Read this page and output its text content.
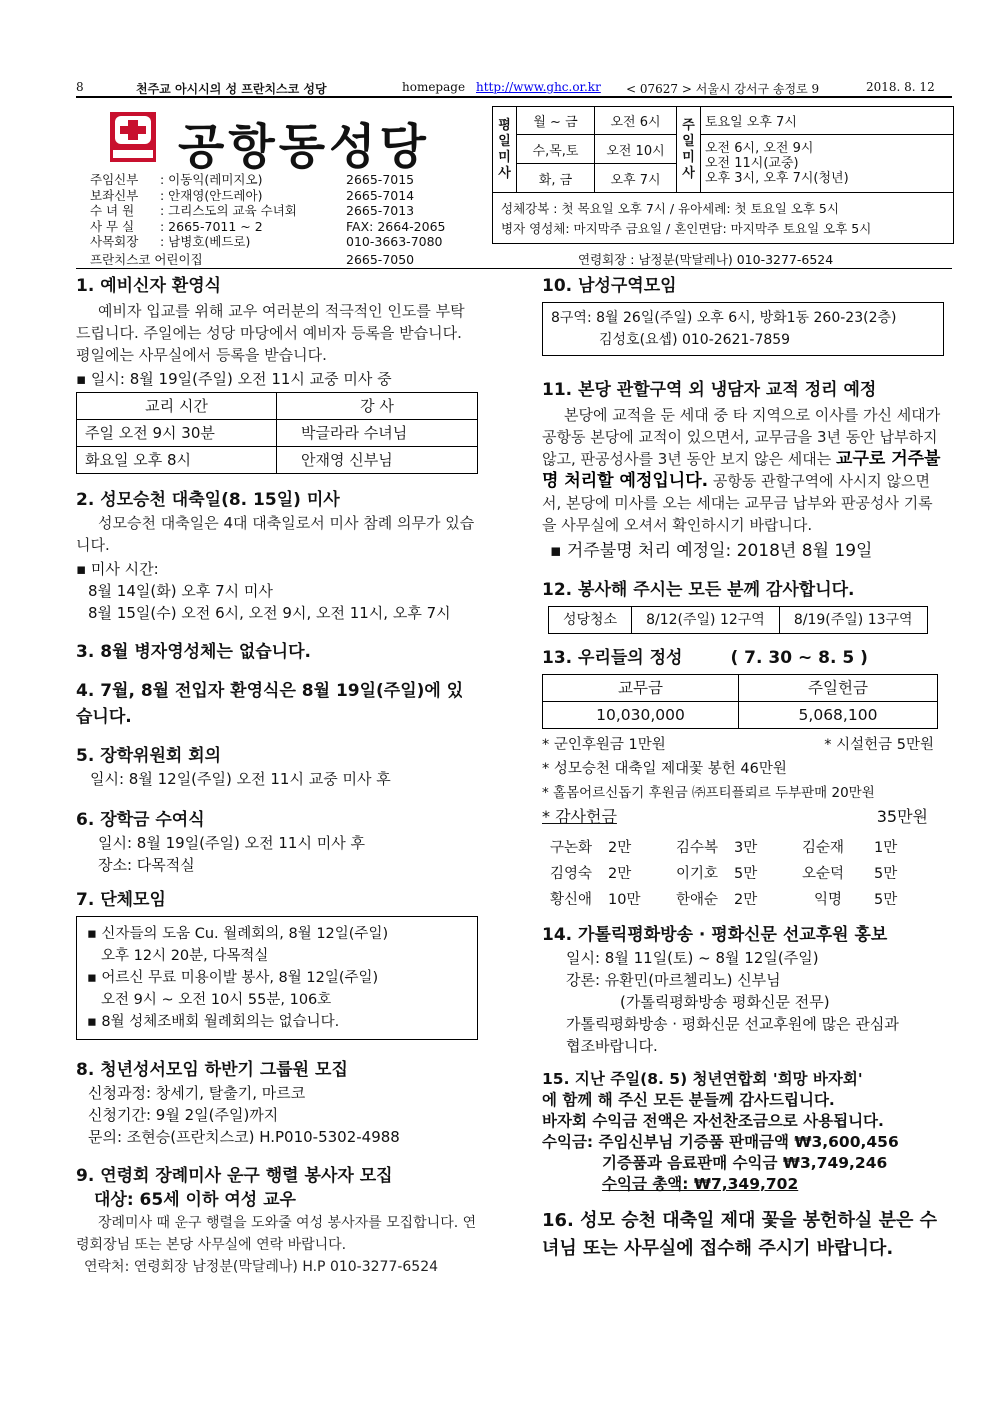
8	천주교 아시시의 성 프란치스코 성당	homepage http://www.ghc.or.kr < 07627 > 서울시 강서구 송정로 9	2018. 8. 12
공항동성당
주임신부	: 이동익(레미지오)	2665-7015
보좌신부	: 안재영(안드레아)	2665-7014
수 녀 원	: 그리스도의 교육 수녀회	2665-7013
사 무 실	: 2665-7011 ~ 2	FAX: 2664-2065
사목회장	: 남병호(베드로)	010-3663-7080
프란치스코 어린이집	2665-7050
평일미사	월 ~ 금	오전 6시	주일미사	토요일 오후 7시
	수,목,토	오전 10시		오전 6시, 오전 9시
오전 11시(교중)
오후 3시, 오후 7시(청년)

	화, 금	오후 7시		
성체강복 : 첫 목요일 오후 7시 / 유아세례: 첫 토요일 오후 5시
병자 영성체: 마지막주 금요일 / 혼인면담: 마지막주 토요일 오후 5시
연령회장 : 남정분(막달레나) 010-3277-6524
1. 예비신자 환영식
예비자 입교를 위해 교우 여러분의 적극적인 인도를 부탁드립니다. 주일에는 성당 마당에서 예비자 등록을 받습니다. 평일에는 사무실에서 등록을 받습니다.
▪ 일시: 8월 19일(주일) 오전 11시 교중 미사 중
교리 시간	강 사
주일 오전 9시 30분	박글라라 수녀님
화요일 오후 8시	안재영 신부님
2. 성모승천 대축일(8. 15일) 미사
성모승천 대축일은 4대 대축일로서 미사 참례 의무가 있습니다.
▪ 미사 시간:
8월 14일(화) 오후 7시 미사
8월 15일(수) 오전 6시, 오전 9시, 오전 11시, 오후 7시
3. 8월 병자영성체는 없습니다.
4. 7월, 8월 전입자 환영식은 8월 19일(주일)에 있습니다.
5. 장학위원회 회의
일시: 8월 12일(주일) 오전 11시 교중 미사 후
6. 장학금 수여식
일시: 8월 19일(주일) 오전 11시 미사 후
장소: 다목적실
7. 단체모임
▪ 신자들의 도움 Cu. 월례회의, 8월 12일(주일)
오후 12시 20분, 다목적실
▪ 어르신 무료 미용이발 봉사, 8월 12일(주일)
오전 9시 ~ 오전 10시 55분, 106호
▪ 8월 성체조배회 월례회의는 없습니다.
8. 청년성서모임 하반기 그룹원 모집
신청과정: 창세기, 탈출기, 마르코
신청기간: 9월 2일(주일)까지
문의: 조현승(프란치스코) H.P010-5302-4988
9. 연령회 장례미사 운구 행렬 봉사자 모집
대상: 65세 이하 여성 교우
장례미사 때 운구 행렬을 도와줄 여성 봉사자를 모집합니다. 연령회장님 또는 본당 사무실에 연락 바랍니다.
연락처: 연령회장 남정분(막달레나) H.P 010-3277-6524
10. 남성구역모임
8구역: 8월 26일(주일) 오후 6시, 방화1동 260-23(2층)
김성호(요셉) 010-2621-7859
11. 본당 관할구역 외 냉담자 교적 정리 예정
본당에 교적을 둔 세대 중 타 지역으로 이사를 가신 세대가 공항동 본당에 교적이 있으면서, 교무금을 3년 동안 납부하지 않고, 판공성사를 3년 동안 보지 않은 세대는 교구로 거주불명 처리할 예정입니다. 공항동 관할구역에 사시지 않으면서, 본당에 미사를 오는 세대는 교무금 납부와 판공성사 기록을 사무실에 오셔서 확인하시기 바랍니다.
▪ 거주불명 처리 예정일: 2018년 8월 19일
12. 봉사해 주시는 모든 분께 감사합니다.
성당청소	8/12(주일) 12구역	8/19(주일) 13구역
13. 우리들의 정성	( 7. 30 ~ 8. 5 )
교무금	주일헌금
10,030,000	5,068,100
* 군인후원금 1만원	* 시설헌금 5만원
* 성모승천 대축일 제대꽃 봉헌 46만원
* 홀몸어르신돕기 후원금 ㈜프티플뢰르 두부판매 20만원
* 감사헌금	35만원
구논화	2만	김수복	3만	김순재	1만
김영숙	2만	이기호	5만	오순덕	5만
황신애	10만	한애순	2만	익명	5만
14. 가톨릭평화방송 · 평화신문 선교후원 홍보
일시: 8월 11일(토) ~ 8월 12일(주일)
강론: 유환민(마르첼리노) 신부님
(가톨릭평화방송 평화신문 전무)
가톨릭평화방송 · 평화신문 선교후원에 많은 관심과 협조바랍니다.
15. 지난 주일(8. 5) 청년연합회 '희망 바자회'
에 함께 해 주신 모든 분들께 감사드립니다.
바자회 수익금 전액은 자선찬조금으로 사용됩니다.
수익금: 주임신부님 기증품 판매금액 ₩3,600,456
기증품과 음료판매 수익금 ₩3,749,246
수익금 총액: ₩7,349,702
16. 성모 승천 대축일 제대 꽃을 봉헌하실 분은 수녀님 또는 사무실에 접수해 주시기 바랍니다.
